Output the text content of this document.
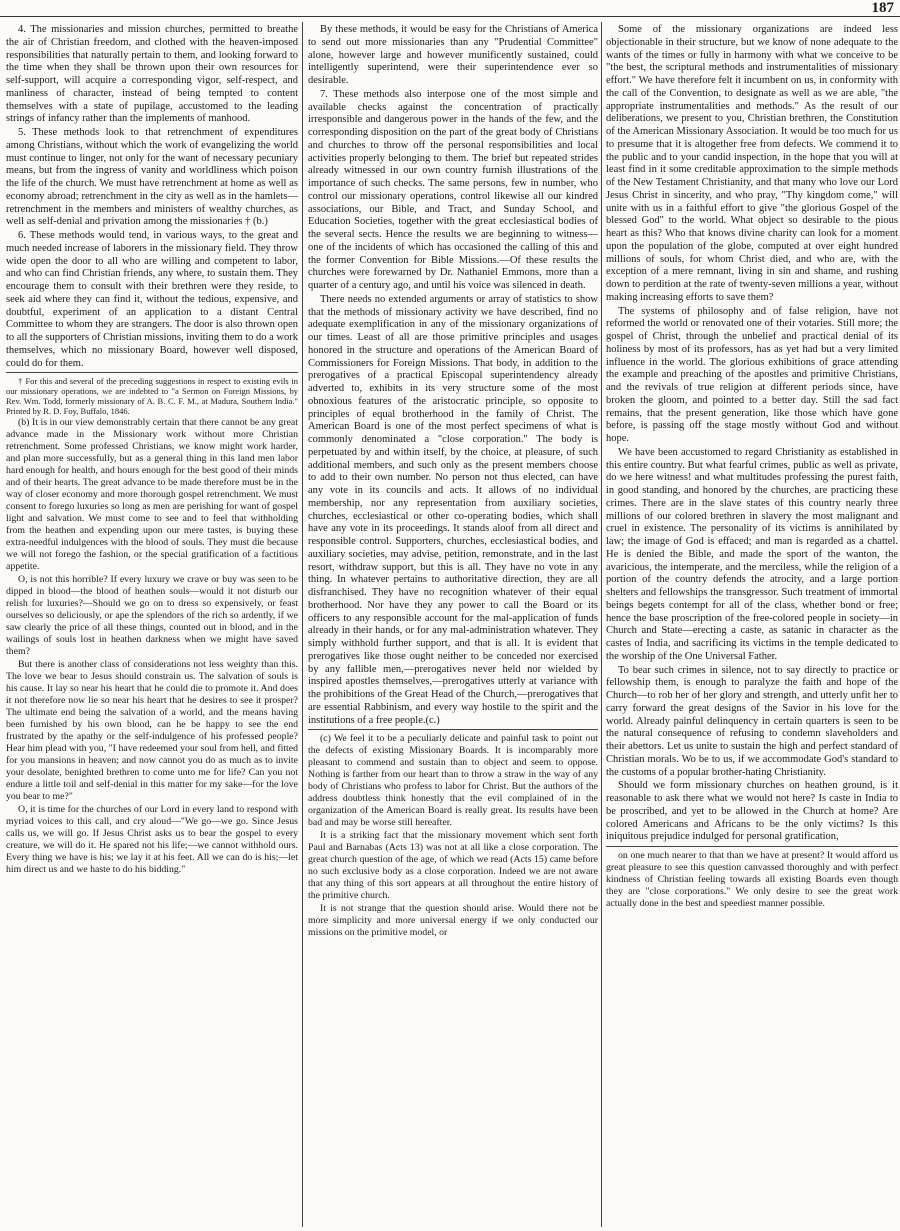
187

4. The missionaries and mission churches, permitted to breathe the air of Christian freedom, and clothed with the heaven-imposed responsibilities that naturally pertain to them, and looking forward to the time when they shall be thrown upon their own resources for self-support, will acquire a corresponding vigor, self-respect, and manliness of character, instead of being tempted to content themselves with a state of pupilage, accustomed to the leading strings of infancy rather than the implements of manhood.

5. These methods look to that retrenchment of expenditures among Christians, without which the work of evangelizing the world must continue to linger, not only for the want of necessary pecuniary means, but from the ingress of vanity and worldliness which poison the life of the church. We must have retrenchment at home as well as economy abroad; retrenchment in the city as well as in the hamlets—retrenchment in the members and ministers of wealthy churches, as well as self-denial and privation among the missionaries † (b.)

6. These methods would tend, in various ways, to the great and much needed increase of laborers in the missionary field. They throw wide open the door to all who are willing and competent to labor, and who can find Christian friends, any where, to sustain them. They encourage them to consult with their brethren were they reside, to seek aid where they can find it, without the tedious, expensive, and doubtful, experiment of an application to a distant Central Committee to whom they are strangers. The door is also thrown open to all the supporters of Christian missions, inviting them to do a work themselves, which no missionary Board, however well disposed, could do for them.

† For this and several of the preceding suggestions in respect to existing evils in our missionary operations, we are indebted to "a Sermon on Foreign Missions, by Rev. Wm. Todd, formerly missionary of A. B. C. F. M., at Madura, Southern India." Printed by R. D. Foy, Buffalo, 1846.

(b) It is in our view demonstrably certain that there cannot be any great advance made in the Missionary work without more Christian retrenchment. Some professed Christians, we know might work harder, and plan more successfully, but as a general thing in this land men labor hard enough for health, and hours enough for the best good of their minds and of their hearts. The great advance to be made therefore must be in the way of closer economy and more thorough gospel retrenchment. We must consent to forego luxuries so long as men are perishing for want of gospel light and salvation. We must come to see and to feel that withholding from the heathen and expending upon our mere tastes, is buying these extra-needful indulgences with the blood of souls. They must die because we will not forego the fashion, or the special gratification of a factitious appetite.

O, is not this horrible? If every luxury we crave or buy was seen to be dipped in blood—the blood of heathen souls—would it not disturb our relish for luxuries?—Should we go on to dress so expensively, or feast ourselves so deliciously, or ape the splendors of the rich so ardently, if we saw clearly the price of all these things, counted out in blood, and in the wailings of souls lost in heathen darkness when we might have saved them?

But there is another class of considerations not less weighty than this. The love we bear to Jesus should constrain us. The salvation of souls is his cause. It lay so near his heart that he could die to promote it. And does it not therefore now lie so near his heart that he desires to see it prosper? The ultimate end being the salvation of a world, and the means having been furnished by his own blood, can he be happy to see the end frustrated by the apathy or the self-indulgence of his professed people? Hear him plead with you, "I have redeemed your soul from hell, and fitted for you mansions in heaven; and now cannot you do as much as to invite your desolate, benighted brethren to come unto me for life? Can you not endure a little toil and self-denial in this matter for my sake—for the love you bear to me?"

O, it is time for the churches of our Lord in every land to respond with myriad voices to this call, and cry aloud—"We go—we go. Since Jesus calls us, we will go. If Jesus Christ asks us to bear the gospel to every creature, we will do it. He spared not his life;—we cannot withhold ours. Every thing we have is his; we lay it at his feet. All we can do is his;—let him direct us and we haste to do his bidding."

By these methods, it would be easy for the Christians of America to send out more missionaries than any "Prudential Committee" alone, however large and however munificently sustained, could intelligently superintend, were their superintendence ever so desirable.

7. These methods also interpose one of the most simple and available checks against the concentration of practically irresponsible and dangerous power in the hands of the few, and the corresponding disposition on the part of the great body of Christians and churches to throw off the personal responsibilities and local activities properly belonging to them. The brief but repeated strides already witnessed in our own country furnish illustrations of the importance of such checks. The same persons, few in number, who control our missionary operations, control likewise all our kindred associations, our Bible, and Tract, and Sunday School, and Education Societies, together with the great ecclesiastical bodies of the several sects. Hence the results we are beginning to witness—one of the incidents of which has occasioned the calling of this and the former Convention for Bible Missions.—Of these results the churches were forewarned by Dr. Nathaniel Emmons, more than a quarter of a century ago, and until his voice was silenced in death.

There needs no extended arguments or array of statistics to show that the methods of missionary activity we have described, find no adequate exemplification in any of the missionary organizations of our times. Least of all are those primitive principles and usages honored in the structure and operations of the American Board of Commissioners for Foreign Missions. That body, in addition to the prerogatives of a practical Episcopal superintendency already adverted to, exhibits in its very structure some of the most obnoxious features of the aristocratic principle, so opposite to principles of equal brotherhood in the family of Christ. The American Board is one of the most perfect specimens of what is commonly denominated a "close corporation." The body is perpetuated by and within itself, by the choice, at pleasure, of such additional members, and such only as the present members choose to add to their own number. No person not thus elected, can have any vote in its councils and acts. It allows of no individual membership, nor any representation from auxiliary societies, churches, ecclesiastical or other co-operating bodies, which shall have any vote in its proceedings. It stands aloof from all direct and responsible control. Supporters, churches, ecclesiastical bodies, and auxiliary societies, may advise, petition, remonstrate, and in the last resort, withdraw support, but this is all. They have no vote in any thing. In whatever pertains to authoritative direction, they are all disfranchised. They have no recognition whatever of their equal brotherhood. Nor have they any power to call the Board or its officers to any responsible account for the mal-application of funds already in their hands, or for any mal-administration whatever. They simply withhold further support, and that is all. It is evident that prerogatives like those ought neither to be conceded nor exercised by any fallible men,—prerogatives never held nor wielded by inspired apostles themselves,—prerogatives utterly at variance with the prohibitions of the Great Head of the Church,—prerogatives that are essential Rabbinism, and every way hostile to the spirit and the institutions of a free people.(c.)

(c) We feel it to be a peculiarly delicate and painful task to point out the defects of existing Missionary Boards. It is incomparably more pleasant to commend and sustain than to object and seem to oppose. Nothing is farther from our heart than to throw a straw in the way of any body of Christians who profess to labor for Christ. But the authors of the address doubtless think honestly that the evil complained of in the organization of the American Board is really great. Its results have been bad and may be worse still hereafter.

It is a striking fact that the missionary movement which sent forth Paul and Barnabas (Acts 13) was not at all like a close corporation. The great church question of the age, of which we read (Acts 15) came before no such exclusive body as a close corporation. Indeed we are not aware that any thing of this sort appears at all throughout the entire history of the primitive church.

It is not strange that the question should arise. Would there not be more simplicity and more universal energy if we only conducted our missions on the primitive model, or

Some of the missionary organizations are indeed less objectionable in their structure, but we know of none adequate to the wants of the times or fully in harmony with what we conceive to be "the best, the scriptural methods and instrumentalities of missionary effort." We have therefore felt it incumbent on us, in conformity with the call of the Convention, to designate as well as we are able, "the appropriate instrumentalities and methods." As the result of our deliberations, we present to you, Christian brethren, the Constitution of the American Missionary Association. It would be too much for us to presume that it is altogether free from defects. We commend it to the public and to your candid inspection, in the hope that you will at least find in it some creditable approximation to the simple methods of the New Testament Christianity, and that many who love our Lord Jesus Christ in sincerity, and who pray, "Thy kingdom come," will unite with us in a faithful effort to give "the glorious Gospel of the blessed God" to the world. What object so desirable to the pious heart as this? Who that knows divine charity can look for a moment upon the population of the globe, computed at over eight hundred millions of souls, for whom Christ died, and who are, with the exception of a mere remnant, living in sin and shame, and rushing down to perdition at the rate of twenty-seven millions a year, without making increasing efforts to save them?

The systems of philosophy and of false religion, have not reformed the world or renovated one of their votaries. Still more; the gospel of Christ, through the unbelief and practical denial of its holiness by most of its professors, has as yet had but a very limited influence in the world. The glorious exhibitions of grace attending the example and preaching of the apostles and primitive Christians, and the revivals of true religion at different periods since, have broken the gloom, and pointed to a better day. Still the sad fact remains, that the present generation, like those which have gone before, is passing off the stage mostly without God and without hope.

We have been accustomed to regard Christianity as established in this entire country. But what fearful crimes, public as well as private, do we here witness! and what multitudes professing the purest faith, in good standing, and honored by the churches, are practicing these crimes. There are in the slave states of this country nearly three millions of our colored brethren in slavery the most malignant and cruel in existence. The personality of its victims is annihilated by law; the image of God is effaced; and man is regarded as a chattel. He is denied the Bible, and made the sport of the wanton, the avaricious, the intemperate, and the merciless, while the religion of a portion of the country defends the atrocity, and a large portion shelters and fellowships the transgressor. Such treatment of immortal beings begets contempt for all of the class, whether bond or free; hence the base proscription of the free-colored people in society—in Church and State—erecting a caste, as satanic in character as the castes of India, and sacrificing its victims in the temple dedicated to the worship of the One Universal Father.

To bear such crimes in silence, not to say directly to practice or fellowship them, is enough to paralyze the faith and hope of the Church—to rob her of her glory and strength, and utterly unfit her to carry forward the great designs of the Savior in his love for the world. Already painful delinquency in certain quarters is seen to be the natural consequence of refusing to condemn slaveholders and their abettors. Let us unite to sustain the high and perfect standard of Christian morals. Wo be to us, if we accommodate God's standard to the customs of a popular brother-hating Christianity.

Should we form missionary churches on heathen ground, is it reasonable to ask there what we would not here? Is caste in India to be proscribed, and yet to be allowed in the Church at home? Are colored Americans and Africans to be the only victims? Is this iniquitous prejudice indulged for personal gratification,

on one much nearer to that than we have at present? It would afford us great pleasure to see this question canvassed thoroughly and with perfect kindness of Christian feeling towards all existing Boards even though they are "close corporations." We only desire to see the great work actually done in the best and speediest manner possible.
